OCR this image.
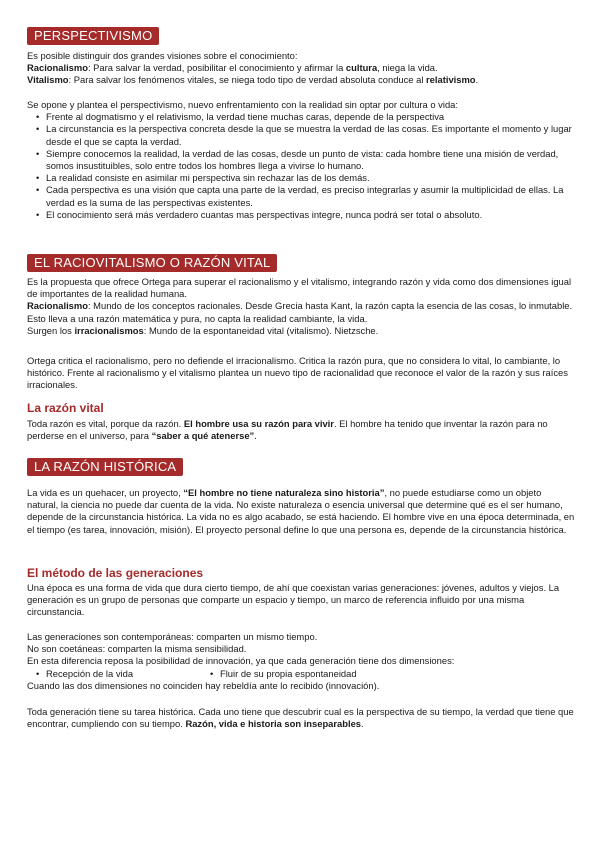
PERSPECTIVISMO

Es posible distinguir dos grandes visiones sobre el conocimiento:

Racionalismo: Para salvar la verdad, posibilitar el conocimiento y afirmar la cultura, niega la vida.

Vitalismo: Para salvar los fenómenos vitales, se niega todo tipo de verdad absoluta conduce al relativismo.

Se opone y plantea el perspectivismo, nuevo enfrentamiento con la realidad sin optar por cultura o vida:

• Frente al dogmatismo y el relativismo, la verdad tiene muchas caras, depende de la perspectiva
• La circunstancia es la perspectiva concreta desde la que se muestra la verdad de las cosas. Es importante el momento y lugar desde el que se capta la verdad.
• Siempre conocemos la realidad, la verdad de las cosas, desde un punto de vista: cada hombre tiene una misión de verdad, somos insustituibles, solo entre todos los hombres llega a vivirse lo humano.
• La realidad consiste en asimilar mi perspectiva sin rechazar las de los demás.
• Cada perspectiva es una visión que capta una parte de la verdad, es preciso integrarlas y asumir la multiplicidad de ellas. La verdad es la suma de las perspectivas existentes.
• El conocimiento será más verdadero cuantas mas perspectivas integre, nunca podrá ser total o absoluto.
EL RACIOVITALISMO O RAZÓN VITAL

Es la propuesta que ofrece Ortega para superar el racionalismo y el vitalismo, integrando razón y vida como dos dimensiones igual de importantes de la realidad humana.

Racionalismo: Mundo de los conceptos racionales. Desde Grecia hasta Kant, la razón capta la esencia de las cosas, lo inmutable. Esto lleva a una razón matemática y pura, no capta la realidad cambiante, la vida.

Surgen los irracionalismos: Mundo de la espontaneidad vital (vitalismo). Nietzsche.

Ortega critica el racionalismo, pero no defiende el irracionalismo. Critica la razón pura, que no considera lo vital, lo cambiante, lo histórico. Frente al racionalismo y el vitalismo plantea un nuevo tipo de racionalidad que reconoce el valor de la razón y sus raíces irracionales.

La razón vital

Toda razón es vital, porque da razón. El hombre usa su razón para vivir. El hombre ha tenido que inventar la razón para no perderse en el universo, para “saber a qué atenerse”.

LA RAZÓN HISTÓRICA

La vida es un quehacer, un proyecto, “El hombre no tiene naturaleza sino historia”, no puede estudiarse como un objeto natural, la ciencia no puede dar cuenta de la vida. No existe naturaleza o esencia universal que determine qué es el ser humano, depende de la circunstancia histórica. La vida no es algo acabado, se está haciendo. El hombre vive en una época determinada, en el tiempo (es tarea, innovación, misión). El proyecto personal define lo que una persona es, depende de la circunstancia histórica.

El método de las generaciones

Una época es una forma de vida que dura cierto tiempo, de ahí que coexistan varias generaciones: jóvenes, adultos y viejos. La generación es un grupo de personas que comparte un espacio y tiempo, un marco de referencia influido por una misma circunstancia.

Las generaciones son contemporáneas: comparten un mismo tiempo.

No son coetáneas: comparten la misma sensibilidad.

En esta diferencia reposa la posibilidad de innovación, ya que cada generación tiene dos dimensiones:

• Recepción de la vida
•	Fluir de su propia espontaneidad

Cuando las dos dimensiones no coinciden hay rebeldía ante lo recibido (innovación).

Toda generación tiene su tarea histórica. Cada uno tiene que descubrir cual es la perspectiva de su tiempo, la verdad que tiene que encontrar, cumpliendo con su tiempo. Razón, vida e historia son inseparables.
